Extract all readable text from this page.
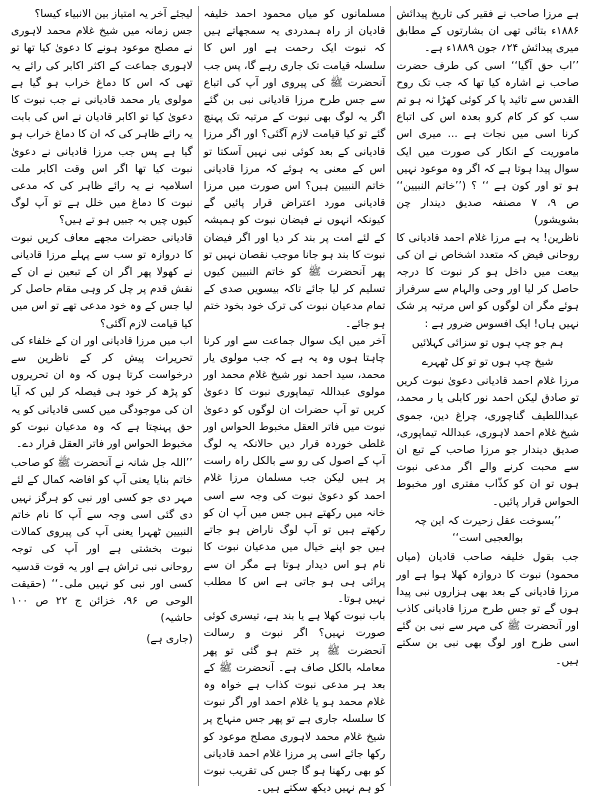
ہے مرزا صاحب نے فقیر کی تاریخ پیدائش ۱۸۸۶ء بتائی تھی ان بشارتوں کے مطابق میری پیدائش ۲۴؍ جون ۱۸۸۹ء ہے۔

’’اب حق آگیا‘‘ اسی کی طرف حضرت صاحب نے اشارہ کیا تھا کہ جب تک روح القدس سے تائید پا کر کوئی کھڑا نہ ہو تم سب کو کر کام کرو بعدہ اس کی اتباع کرنا اسی میں نجات ہے ... میری اس ماموریت کے انکار کی صورت میں ایک سوال پیدا ہوتا ہے کہ اگر وہ موعود نہیں ہو تو اور کون ہے ‘‘ ؟ (’’خاتم النبیین‘‘ ص ۹، ۷ مصنفہ صدیق دیندار چن بشویشور)

ناظرین! یہ ہے مرزا غلام احمد قادیانی کا روحانی فیض کہ متعدد اشخاص نے ان کی بیعت میں داخل ہو کر نبوت کا درجہ حاصل کر لیا اور وحی والہام سے سرفراز ہوئے مگر ان لوگوں کو اس مرتبہ پر شک نہیں ہاں! ایک افسوس ضرور ہے :

ہم جو چپ ہوں تو سزائی کہلائیں

شیخ چپ ہوں تو تو کل ٹھہرے

مرزا غلام احمد قادیانی دعویٰ نبوت کریں تو صادق لیکن احمد نور کابلی یا ر محمد، عبداللطیف گناچوری، چراغ دین، جموی شیخ غلام احمد لاہوری، عبداللہ تیماپوری، صدیق دیندار جو مرزا صاحب کے تبع ان سے محبت کرنے والے اگر مدعی نبوت ہوں تو ان کو کذّاب مفتری اور مخبوط الحواس قرار پائیں۔

’’بسوخت عقل زحیرت کہ این چہ بوالعجبی است‘‘

جب بقول خلیفہ صاحب قادیان (میاں محمود) نبوت کا دروازہ کھلا ہوا ہے اور مرزا قادیانی کے بعد بھی ہزاروں نبی پیدا ہوں گے تو جس طرح مرزا قادیانی کاذب اور آنحضرت ﷺ کی مہر سے نبی بن گئے اسی طرح اور لوگ بھی نبی بن سکتے ہیں۔

مسلمانوں کو میاں محمود احمد خلیفہ قادیان از راہ ہمدردی یہ سمجھاتے ہیں کہ نبوت ایک رحمت ہے اور اس کا سلسلہ قیامت تک جاری رہے گا، پس جب آنحضرت ﷺ کی پیروی اور آپ کی اتباع سے جس طرح مرزا قادیانی نبی بن گئے اگر یہ لوگ بھی نبوت کے مرتبہ تک پہنچ گئے تو کیا قیامت لازم آگئی؟ اور اگر مرزا قادیانی کے بعد کوئی نبی نہیں آسکتا تو اس کے معنی یہ ہوئے کہ مرزا قادیانی خاتم النبیین ہیں؟ اس صورت میں مرزا قادیانی مورد اعتراض قرار پائیں گے کیونکہ انہوں نے فیضان نبوت کو ہمیشہ کے لئے امت پر بند کر دیا اور اگر فیضان نبوت کا بند ہو جانا موجب نقصان نہیں تو پھر آنحضرت ﷺ کو خاتم النبیین کیوں تسلیم کر لیا جائے تاکہ بیسویں صدی کے تمام مدعیان نبوت کی ترک خود بخود ختم ہو جائے۔

آخر میں ایک سوال جماعت سے اور کرنا چاہتا ہوں وہ یہ ہے کہ جب مولوی یار محمد، سید احمد نور شیخ غلام محمد اور مولوی عبداللہ تیماپوری نبوت کا دعویٰ کریں تو آپ حضرات ان لوگوں کو دعویٰ نبوت میں فاتر العقل مخبوط الحواس اور غلطی خوردہ قرار دیں حالانکہ یہ لوگ آپ کے اصول کی رو سے بالکل راہ راست پر ہیں لیکن جب مسلمان مرزا غلام احمد کو دعویٰ نبوت کی وجہ سے اسی خانہ میں رکھتے ہیں جس میں آپ ان کو رکھتے ہیں تو آپ لوگ ناراض ہو جاتے ہیں جو اپنے خیال میں مدعیان نبوت کا نام ہو اس دیدار ہوتا ہے مگر ان سے پرائی ہی ہو جاتی ہے اس کا مطلب نہیں ہوتا۔

باب نبوت کھلا ہے یا بند ہے، تیسری کوئی صورت نہیں؟ اگر نبوت و رسالت آنحضرت ﷺ پر ختم ہو گئی تو پھر معاملہ بالکل صاف ہے۔ آنحضرت ﷺ کے بعد ہر مدعی نبوت کذاب ہے خواہ وہ غلام محمد ہو یا غلام احمد اور اگر نبوت کا سلسلہ جاری ہے تو پھر جس منہاج پر شیخ غلام محمد لاہوری مصلح موعود کو رکھا جائے اسی پر مرزا غلام احمد قادیانی کو بھی رکھنا ہو گا جس کی تقریب نبوت کو ہم نہیں دیکھ سکتے ہیں۔

لیجئے آخر یہ امتیاز بین الانبیاء کیسا؟

جس زمانہ میں شیخ غلام محمد لاہوری نے مصلح موعود ہونے کا دعویٰ کیا تھا تو لاہوری جماعت کے اکثر اکابر کی رائے یہ تھی کہ اس کا دماغ خراب ہو گیا ہے مولوی یار محمد قادیانی نے جب نبوت کا دعویٰ کیا تو اکابر قادیان نے اس کی بابت یہ رائے ظاہر کی کہ ان کا دماغ خراب ہو گیا ہے پس جب مرزا قادیانی نے دعویٰ نبوت کیا تھا اگر اس وقت اکابر ملت اسلامیہ نے یہ رائے ظاہر کی کہ مدعی نبوت کا دماغ میں خلل ہے تو آپ لوگ کیوں چیں بہ جبیں ہو تے ہیں؟

قادیانی حضرات مجھے معاف کریں نبوت کا دروازہ تو سب سے پہلے مرزا قادیانی نے کھولا پھر اگر ان کے تبعین نے ان کے نقش قدم پر چل کر وہی مقام حاصل کر لیا جس کے وہ خود مدعی تھے تو اس میں کیا قیامت لازم آگئی؟

اب میں مرزا قادیانی اور ان کے خلفاء کی تحریرات پیش کر کے ناظرین سے درخواست کرتا ہوں کہ وہ ان تحریروں کو پڑھ کر خود ہی فیصلہ کر لیں کہ آیا ان کی موجودگی میں کسی قادیانی کو یہ حق پہنچتا ہے کہ وہ مدعیان نبوت کو مخبوط الحواس اور فاتر العقل قرار دے۔

’’اللہ جل شانہ نے آنحضرت ﷺ کو صاحب خاتم بنایا یعنی آپ کو افاضہ کمال کے لئے مہر دی جو کسی اور نبی کو ہرگز نہیں دی گئی اسی وجہ سے آپ کا نام خاتم النبیین ٹھہرا یعنی آپ کی پیروی کمالات نبوت بخشتی ہے اور آپ کی توجہ روحانی نبی تراش ہے اور یہ قوت قدسیہ کسی اور نبی کو نہیں ملی۔‘‘ (حقیقت الوحی ص ۹۶، خزائن ج ۲۲ ص ۱۰۰ حاشیہ)

(جاری ہے)
